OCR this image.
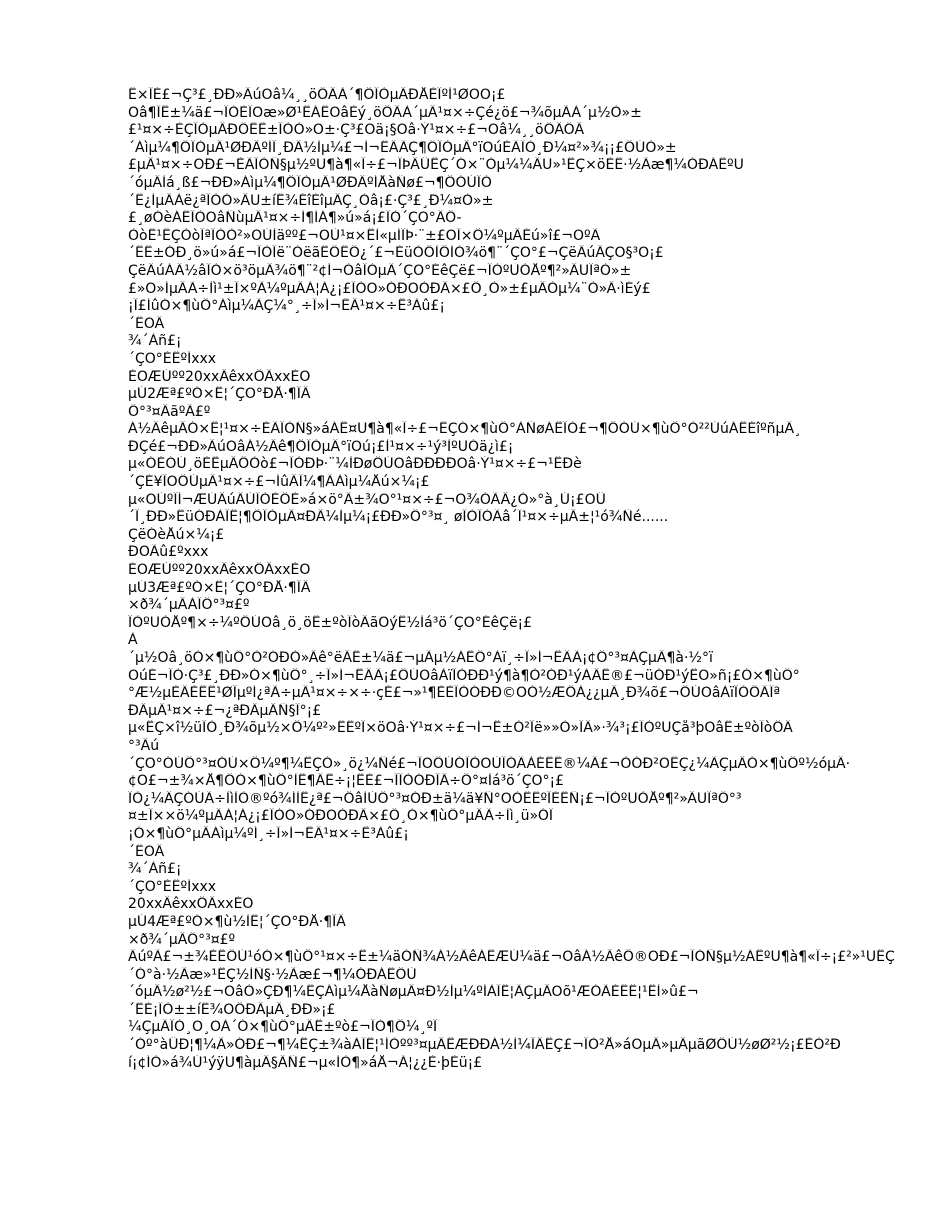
Ê×ÏÈ£¬Ç³£¸ÐÐ»ÄúÕâ¼¸¸öÔÂÀ´¶ÔÎÒµÄÐÅÈÎºÍ¹ØÕÕ¡£
Õâ¶ÎÊ±¼ä£¬ÎÒÈÏÕæ»Ø¹ËÁËÕâÈý¸öÔÂÀ´µÄ¹¤×÷Çé¿ö£¬¾õµÃÀ´µ½Ò»±
£¹¤×÷ÈÇÎÒµÄÐÔÊË±ÏÒÒ»Ö±·Ç³£Õä¡§Õâ·Ý¹¤×÷£¬Õâ¼¸¸öÔÂÔÂ
´Áìµ¼¶ÔÎÒµÄ¹ØÐÄºÍÏ¸ÐÄ½Ìµ¼£¬Í¬ÊÂÃÇ¶ÔÎÒµÄ°ïÖúÈÃÎÒ¸Ð¼¤²»¾¡¡£ÔÚÒ»±
£µÄ¹¤×÷ÖÐ£¬ÈÃÎÒÑ§µ½ºÜ¶à¶«Î÷£¬ÎÞÂÛÊÇ´Ó×¨Òµ¼¼ÄÜ»¹ÊÇ×öÈË·½Ãæ¶¼ÓÐÁËºÜ
´óµÄÌá¸ß£¬ÐÐ»Áìµ¼¶ÔÎÒµÄ¹ØÐÄºÍÅàÑø£¬¶ÔÓÚÎÒ
´Ë¿ÌµÄÀë¿ªÎÒÒ»ÄÜ±íÊ¾ÉîÉîµÄÇ¸Òâ¡£·Ç³£¸Ð¼¤Ò»±
£¸øÓèÁËÎÒÕâÑùµÄ¹¤×÷Í¶ÍÁ¶»ú»á¡£ÎÒ´ÇÖ°ÄÔ-
ÒòÊ¹ÊÇÒòÎªÎÒÒ²»ÕÚÌäºº£¬ÕÙ¹¤×ÊÌ«µÍÎÞ·¨±£ÕÏ×Ô¼ºµÄÉú»î£¬ÕºÃ
´ËÊ±ÓÐ¸ö»ú»á£¬ÎÒÏë¨ÒëãÊÔÊÔ¿´£¬ÈüÒÔÌÔÌÒ¾ö¶¨´ÇÖ°£¬ÇëÄúÄÇÖ§³Ö¡£
ÇëÄúÁÂ½âÎÒ×ö³öµÄ¾ö¶¨²¢Í¬ÒâÎÒµÄ´ÇÖ°ÉêÇë£¬ÎÒºÜÒÅº¶²»ÄÜÎªÒ»±
£»Õ»ÍµÄÃ÷Ìì¹±Ï×ºÃ¼ºµÄÁ¦Á¿¡£ÎÒÖ»ÓÐÖÒÐÄ×£Ô¸Ò»±£µÄÒµ¼¨Ò»Â·ìÉý£
¡Ï£ÍûÓ×¶ùÔ°Áìµ¼ÃÇ¼°¸÷Î»Í¬ÊÂ¹¤×÷Ë³Àû£¡
´ËÖÂ
¾´Àñ£¡
´ÇÖ°ÈËºÍxxx
ÈÕÆÚºº20xxÄêxxÔÂxxÈÕ
µÚ2Æª£ºÓ×Ê¦´ÇÖ°ÐÅ·¶ÎÄ
Ô°³¤ÄãºÃ£º
Á½ÄêµÄÓ×Ê¦¹¤×÷ÈÃÎÒÑ§»áÁË¤Ü¶à¶«Î÷£¬ÊÇÓ×¶ùÔ°ÀÑøÁËÎÒ£¬¶ÔÓÚ×¶ùÔ°Ò²²ÚúÁËÉîºñµÄ¸
ÐÇé£¬ÐÐ»ÄúÕâÁ½Äê¶ÔÎÒµÄ°ïÖú¡£Ì¹¤×÷¹ý³ÌºÜÓä¿ì£¡
µ«ÓÉÓÚ¸öÈËµÄÔÒò£¬ÎÒÐÞ·¨¼ÌÐøÔÚÕâÐÐÐÐÕâ·Ý¹¤×÷£¬¹ÊÐè
´ÇÈ¥ÏÖÔÚµÄ¹¤×÷£¬ÍûÄÏ¼¶ÃÀìµ¼Åú×¼¡£
µ«ÕÚºÏÍ¬ÆÚÂúÄÚÎÒÈÔÈ»á×ö°Ä±¾Ö°¹¤×÷£¬Õ¾ÓÃÄ¿Ò»°à¸Ú¡£ÕÛ
´Ï¸ÐÐ»ËüÓÐÀÏÊ¦¶ÔÎÒµÄ¤ÐÄ¼Ìµ¼¡£ÐÐ»Ô°³¤¸ øÎÒÎÒÃâ´Î¹¤×÷µÄ±¦¹ó¾Ñé......
ÇëÓèÅú×¼¡£
ÐÕÃû£ºxxx
ÈÕÆÚºº20xxÄêxxÔÂxxÈÕ
µÚ3Æª£ºÓ×Ê¦´ÇÖ°ÐÅ·¶ÎÄ
×ð¾´µÄÀÎÔ°³¤£º
ÎÒºÜÒÅº¶×÷¼ºÔÚÕâ¸ö¸öÊ±ºòÏòÄãÕýÊ½Ìá³ö´ÇÖ°ÉêÇë¡£
À
´µ½Õâ¸öÓ×¶ùÔ°Ò²ÓÐÒ»Äê°ëÄÊ±¼ä£¬µÃµ½ÁËÔ°Àï¸÷Î»Í¬ÊÂÃ¡¢Ô°³¤ÃÇµÄ¶à·½°ï
ÖúÉ¬ÎÒ·Ç³£¸ÐÐ»Ó×¶ùÔ°¸÷Î»Í¬ÊÂÃ¡£ÔÚÕâÀïÎÒÐÐ¹ý¶à¶Ò²ÓÐ¹ýÀÄË®£¬üÓÐ¹ýÊÕ»ñ¡£Ó×¶ùÔ°
°Æ½µÈÄÈËÊ¹ØÏµºÍ¿ªÃ÷µÄ¹¤×÷×÷·çÉ£¬»¹¶ÈÈÎÒÓÐÐ©ÖÓ½ÆÔÀ¿¿µÄ¸Ð¾õ£¬ÔÚÕâÀïÎÒÔÄÏª
ÐÄµÄ¹¤×÷£¬¿ªÐÄµÄÑ§Ï°¡£
µ«ÊÇ×î½üÎÒ¸Ð¾õµ½×Ô¼º²»ÊÊºÏ×öÕâ·Ý¹¤×÷£¬Í¬Ê±Ò²Ïë»»Ò»ÏÂ»·¾³¡£ÎÒºÜÇå³þÕâÊ±ºòÏòÔÂ
°³Äú
´ÇÖ°ÓÚÔ°³¤ÓÚ×Ô¼º¶¼ÊÇÒ»¸ö¿¼Ñé£¬ÏÖÔÚÓÎÒÕÙÎÓÃÀÉËÊ®¼Ã£¬ÒÓÐ²ÕÊÇ¿¼ÃÇµÄÓ×¶ùÔº½óµÄ·
¢Õ£¬±¾×Å¶ÔÓ×¶ùÔ°ÌÊ¶ÄË÷¡¦ÊÈ£¬ÎÎÒÓÐÏÂ÷Ô°¤Ìá³ö´ÇÖ°¡£
ÎÒ¿¼ÂÇÓÚÃ÷ÌìÌÒ®ºó¾ÍÌÊ¿ª£¬ÔâÌÙÔ°³¤ÓÐ±ä¼ä¥Ñ°ÕÒÊÊºÏÈËÑ¡£¬ÎÒºÜÒÅº¶²»ÄÜÎªÔ°³
¤±Ï××ö¼ºµÄÁ¦Á¿¡£ÎÒÖ»ÓÐÖÒÐÄ×£Ô¸Ó×¶ùÔ°µÄÃ÷Ìì¸ü»ÓÎ
¡Ó×¶ùÔ°µÄÁìµ¼ºÍ¸÷Î»Í¬ÊÂ¹¤×÷Ë³Àû£¡
´ËÖÂ
¾´Àñ£¡
´ÇÖ°ÈËºÍxxx
20xxÄêxxÔÂxxÈÕ
µÚ4Æª£ºÓ×¶ù½ÌÊ¦´ÇÖ°ÐÅ·¶ÎÄ
×ð¾´µÄÔ°³¤£º
ÄúºÃ£¬±¾ÈËÔÚ¹óÓ×¶ùÔ°¹¤×÷Ê±¼äÒÑ¾Á½ÄêÁËÆÚ¼ä£¬ÕâÁ½ÄêÔ®ÖÐ£¬ÎÒÑ§µ½ÁËºÜ¶à¶«Î÷¡£²»¹ÜÊÇ
´Ó°à·½Ãæ»¹ÊÇ½ÌÑ§·½Ãæ£¬¶¼ÓÐÁËÔÙ
´óµÄ½ø²½£¬ÕâÒ»ÇÐ¶¼ÊÇÁìµ¼ÅàÑøµÄ¤Ð½Ìµ¼ºÍÀÏÊ¦ÃÇµÄÕõ¹ÆÓÃÈËÊ¦¹ÊÌ»û£¬
´ÊÈ¡ÎÒ±±íÊ¾ÖÔÐÄµÄ¸ÐÐ»¡£
¼ÇµÃÎÒ¸Õ¸ÕÀ´Ó×¶ùÔ°µÄÊ±ºò£¬ÎÒ¶Ô¼¸ºÎ
´Óº°àÛÐ¦¶¼Ã»ÓÐ£¬¶¼ÊÇ±¾àÀÏÊ¦¹ÍÒºº³¤µÄÊÆÐÐÁ½Ì¼ÏÂÊÇ£¬ÎÒ²Å»áÖµÄ»µÄµãØÔÚ½øØ²½¡£ÈÒ²Ð
í¡¢ÍÒ»á¾Ú¹ýÿÜ¶àµÄ§ÄÑ£¬µ«ÍÒ¶»áÅ¬Á¦¿¿È·þÈü¡£
